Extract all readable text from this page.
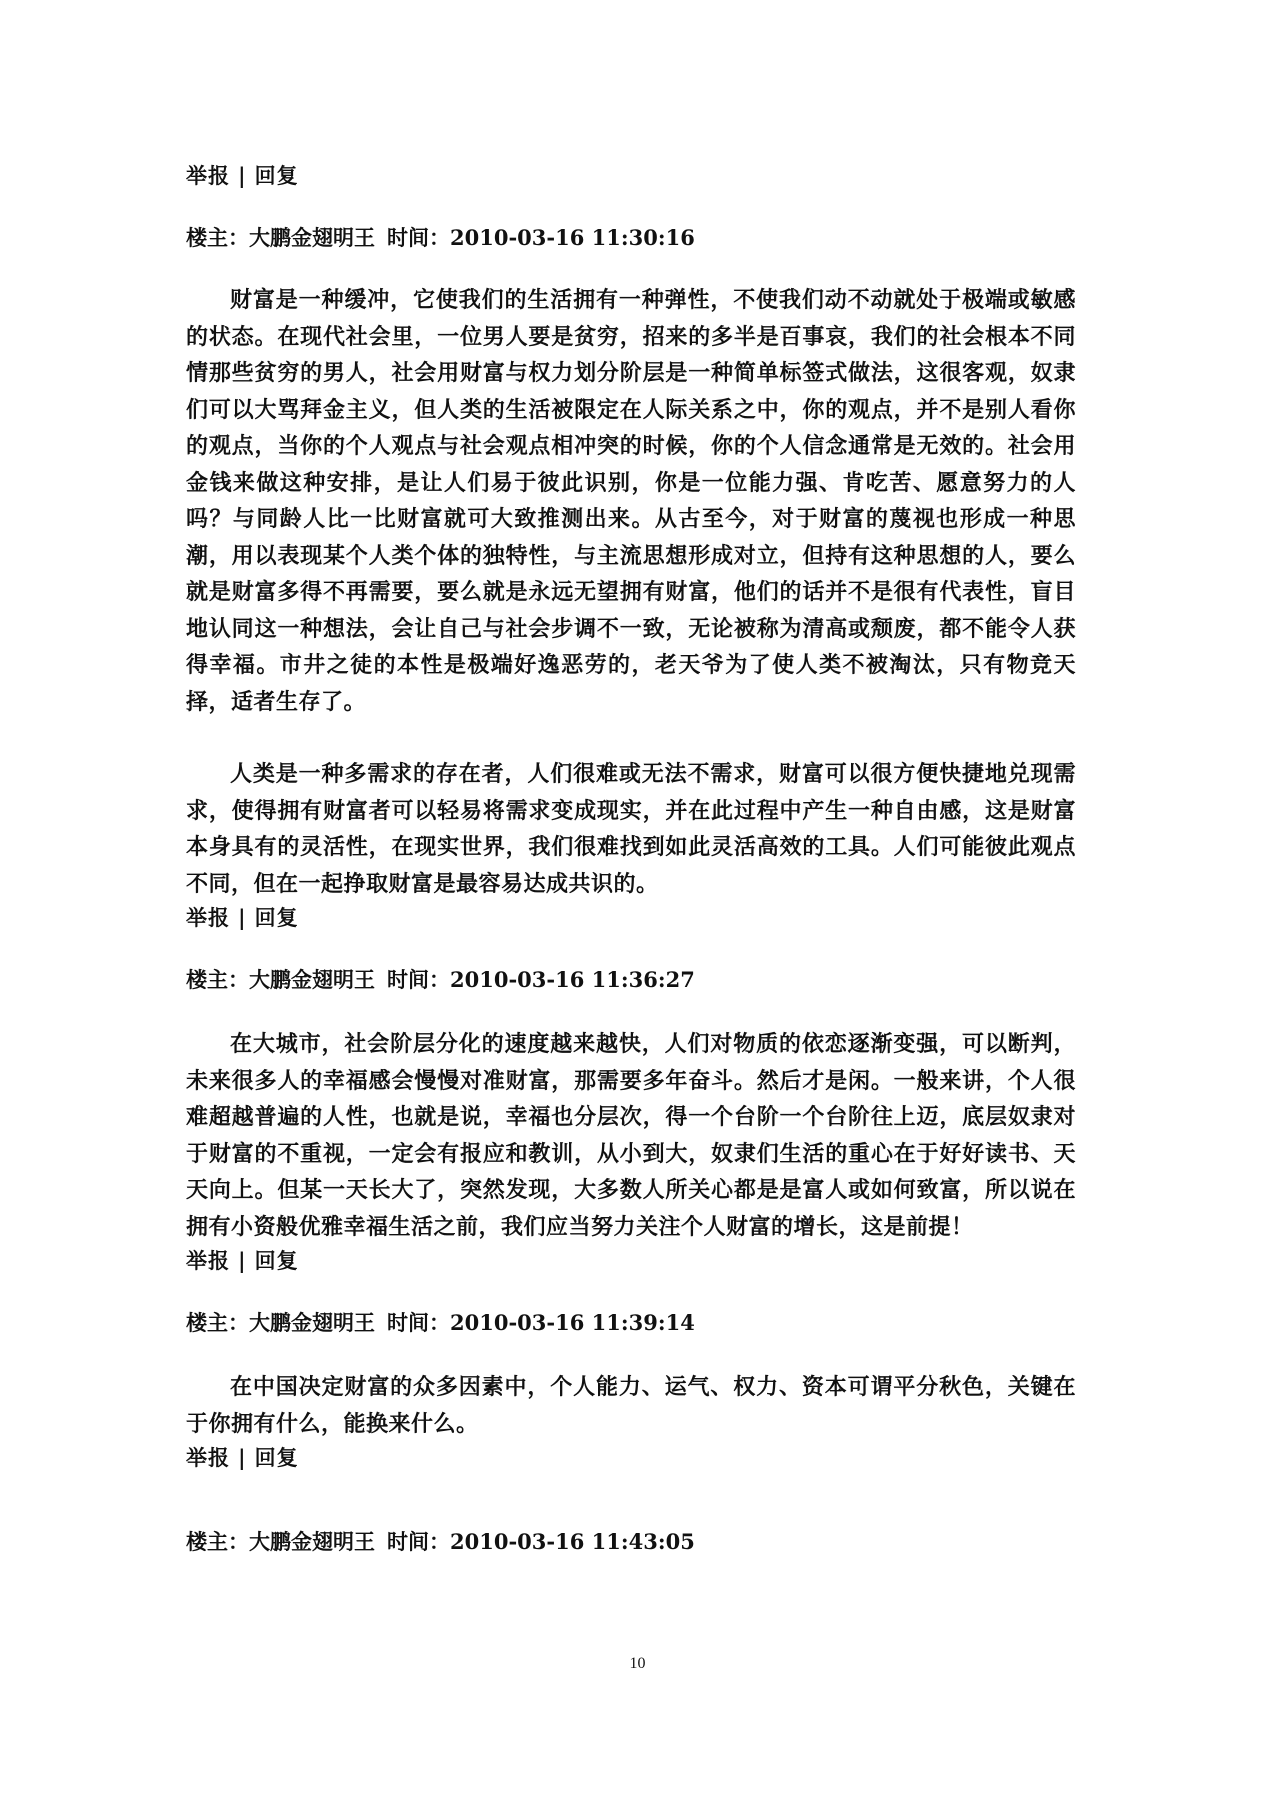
举报 | 回复
楼主：大鹏金翅明王 时间：2010-03-16 11:30:16

财富是一种缓冲，它使我们的生活拥有一种弹性，不使我们动不动就处于极端或敏感的状态。在现代社会里，一位男人要是贫穷，招来的多半是百事哀，我们的社会根本不同情那些贫穷的男人，社会用财富与权力划分阶层是一种简单标签式做法，这很客观，奴隶们可以大骂拜金主义，但人类的生活被限定在人际关系之中，你的观点，并不是别人看你的观点，当你的个人观点与社会观点相冲突的时候，你的个人信念通常是无效的。社会用金钱来做这种安排，是让人们易于彼此识别，你是一位能力强、肯吃苦、愿意努力的人吗？与同龄人比一比财富就可大致推测出来。从古至今，对于财富的蔑视也形成一种思潮，用以表现某个人类个体的独特性，与主流思想形成对立，但持有这种思想的人，要么就是财富多得不再需要，要么就是永远无望拥有财富，他们的话并不是很有代表性，盲目地认同这一种想法，会让自己与社会步调不一致，无论被称为清高或颓废，都不能令人获得幸福。市井之徒的本性是极端好逸恶劳的，老天爷为了使人类不被淘汰，只有物竞天择，适者生存了。

人类是一种多需求的存在者，人们很难或无法不需求，财富可以很方便快捷地兑现需求，使得拥有财富者可以轻易将需求变成现实，并在此过程中产生一种自由感，这是财富本身具有的灵活性，在现实世界，我们很难找到如此灵活高效的工具。人们可能彼此观点不同，但在一起挣取财富是最容易达成共识的。

举报 | 回复
楼主：大鹏金翅明王 时间：2010-03-16 11:36:27

在大城市，社会阶层分化的速度越来越快，人们对物质的依恋逐渐变强，可以断判，未来很多人的幸福感会慢慢对准财富，那需要多年奋斗。然后才是闲。一般来讲，个人很难超越普遍的人性，也就是说，幸福也分层次，得一个台阶一个台阶往上迈，底层奴隶对于财富的不重视，一定会有报应和教训，从小到大，奴隶们生活的重心在于好好读书、天天向上。但某一天长大了，突然发现，大多数人所关心都是是富人或如何致富，所以说在拥有小资般优雅幸福生活之前，我们应当努力关注个人财富的增长，这是前提！

举报 | 回复
楼主：大鹏金翅明王 时间：2010-03-16 11:39:14

在中国决定财富的众多因素中，个人能力、运气、权力、资本可谓平分秋色，关键在于你拥有什么，能换来什么。

举报 | 回复
楼主：大鹏金翅明王 时间：2010-03-16 11:43:05
10
